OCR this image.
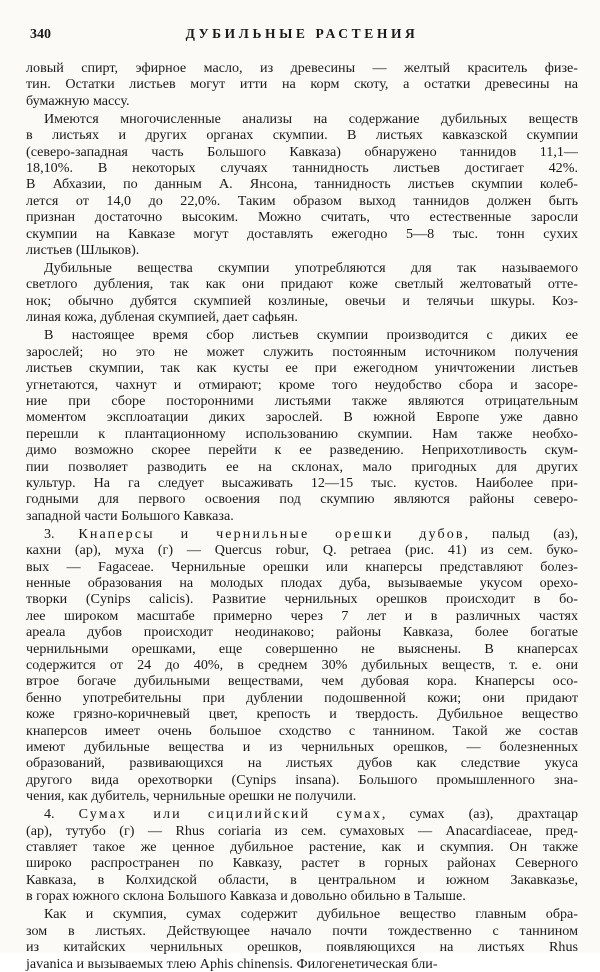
340	ДУБИЛЬНЫЕ РАСТЕНИЯ
ловый спирт, эфирное масло, из древесины — желтый краситель физе-
тин. Остатки листьев могут итти на корм скоту, а остатки древесины на
бумажную массу.
Имеются многочисленные анализы на содержание дубильных веществ
в листьях и других органах скумпии. В листьях кавказской скумпии
(северо-западная часть Большого Кавказа) обнаружено таннидов 11,1—
18,10%. В некоторых случаях таннидность листьев достигает 42%.
В Абхазии, по данным А. Янсона, таннидность листьев скумпии колеб-
лется от 14,0 до 22,0%. Таким образом выход таннидов должен быть
признан достаточно высоким. Можно считать, что естественные заросли
скумпии на Кавказе могут доставлять ежегодно 5—8 тыс. тонн сухих
листьев (Шлыков).
Дубильные вещества скумпии употребляются для так называемого
светлого дубления, так как они придают коже светлый желтоватый отте-
нок; обычно дубятся скумпией козлиные, овечьи и телячьи шкуры. Коз-
линая кожа, дубленая скумпией, дает сафьян.
В настоящее время сбор листьев скумпии производится с диких ее
зарослей; но это не может служить постоянным источником получения
листьев скумпии, так как кусты ее при ежегодном уничтожении листьев
угнетаются, чахнут и отмирают; кроме того неудобство сбора и засоре-
ние при сборе посторонними листьями также являются отрицательным
моментом эксплоатации диких зарослей. В южной Европе уже давно
перешли к плантационному использованию скумпии. Нам также необхо-
димо возможно скорее перейти к ее разведению. Неприхотливость скум-
пии позволяет разводить ее на склонах, мало пригодных для других
культур. На га следует высаживать 12—15 тыс. кустов. Наиболее при-
годными для первого освоения под скумпию являются районы северо-
западной части Большого Кавказа.
3. Кнаперсы и чернильные орешки дубов, палыд (аз),
кахни (ар), муха (г) — Quercus robur, Q. petraea (рис. 41) из сем. буко-
вых — Fagaceae. Чернильные орешки или кнаперсы представляют болез-
ненные образования на молодых плодах дуба, вызываемые укусом орехо-
творки (Cynips calicis). Развитие чернильных орешков происходит в бо-
лее широком масштабе примерно через 7 лет и в различных частях
ареала дубов происходит неодинаково; районы Кавказа, более богатые
чернильными орешками, еще совершенно не выяснены. В кнаперсах
содержится от 24 до 40%, в среднем 30% дубильных веществ, т. е. они
втрое богаче дубильными веществами, чем дубовая кора. Кнаперсы осо-
бенно употребительны при дублении подошвенной кожи; они придают
коже грязно-коричневый цвет, крепость и твердость. Дубильное вещество
кнаперсов имеет очень большое сходство с таннином. Такой же состав
имеют дубильные вещества и из чернильных орешков, — болезненных
образований, развивающихся на листьях дубов как следствие укуса
другого вида орехотворки (Cynips insana). Большого промышленного зна-
чения, как дубитель, чернильные орешки не получили.
4. Сумах или сицилийский сумах, сумах (аз), драхтацар
(ар), тутубо (г) — Rhus coriaria из сем. сумаховых — Anacardiaceae, пред-
ставляет такое же ценное дубильное растение, как и скумпия. Он также
широко распространен по Кавказу, растет в горных районах Северного
Кавказа, в Колхидской области, в центральном и южном Закавказье,
в горах южного склона Большого Кавказа и довольно обильно в Талыше.
Как и скумпия, сумах содержит дубильное вещество главным обра-
зом в листьях. Действующее начало почти тождественно с таннином
из китайских чернильных орешков, появляющихся на листьях Rhus
javanica и вызываемых тлею Aphis chinensis. Филогенетическая бли-
